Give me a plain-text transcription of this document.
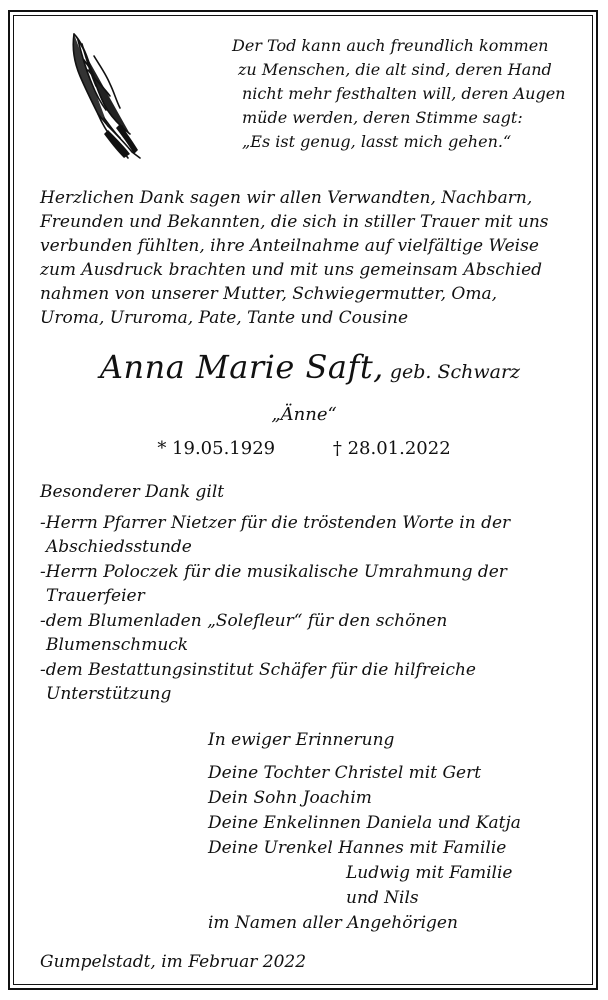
Der Tod kann auch freundlich kommen
zu Menschen, die alt sind, deren Hand
nicht mehr festhalten will, deren Augen
müde werden, deren Stimme sagt:
„Es ist genug, lasst mich gehen.“
Herzlichen Dank sagen wir allen Verwandten, Nachbarn,
Freunden und Bekannten, die sich in stiller Trauer mit uns
verbunden fühlten, ihre Anteilnahme auf vielfältige Weise
zum Ausdruck brachten und mit uns gemeinsam Abschied
nahmen von unserer Mutter, Schwiegermutter, Oma,
Uroma, Ururoma, Pate, Tante und Cousine
Anna Marie Saft, geb. Schwarz
„Änne“
* 19.05.1929	† 28.01.2022
Besonderer Dank gilt
-Herrn Pfarrer Nietzer für die tröstenden Worte in der
Abschiedsstunde
-Herrn Poloczek für die musikalische Umrahmung der
Trauerfeier
-dem Blumenladen „Solefleur“ für den schönen
Blumenschmuck
-dem Bestattungsinstitut Schäfer für die hilfreiche
Unterstützung
In ewiger Erinnerung
Deine Tochter Christel mit Gert
Dein Sohn Joachim
Deine Enkelinnen Daniela und Katja
Deine Urenkel Hannes mit Familie
Ludwig mit Familie
und Nils
im Namen aller Angehörigen
Gumpelstadt, im Februar 2022
